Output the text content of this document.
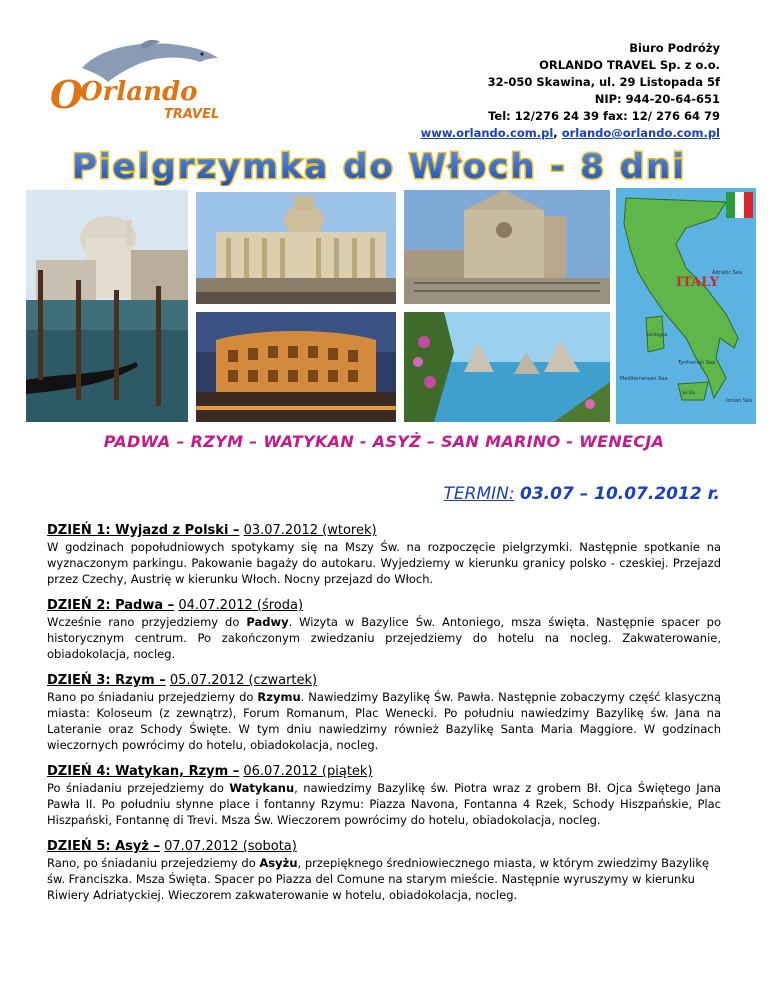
O
Orlando
TRAVEL
Biuro Podróży
ORLANDO TRAVEL Sp. z o.o.
32-050 Skawina, ul. 29 Listopada 5f
NIP: 944-20-64-651
Tel: 12/276 24 39 fax: 12/ 276 64 79
www.orlando.com.pl, orlando@orlando.com.pl
Pielgrzymka do Włoch - 8 dni
ITALY
Tyrrhenian Sea
Mediterranean Sea
Adriatic Sea
Ionian Sea
Sardegna
Sicilia
PADWA – RZYM – WATYKAN - ASYŻ – SAN MARINO - WENECJA
TERMIN: 03.07 – 10.07.2012 r.
DZIEŃ 1: Wyjazd z Polski – 03.07.2012 (wtorek)
W godzinach popołudniowych spotykamy się na Mszy Św. na rozpoczęcie pielgrzymki. Następnie spotkanie na wyznaczonym parkingu. Pakowanie bagaży do autokaru. Wyjedziemy w kierunku granicy polsko - czeskiej. Przejazd przez Czechy, Austrię w kierunku Włoch. Nocny przejazd do Włoch.
DZIEŃ 2: Padwa – 04.07.2012 (środa)
Wcześnie rano przyjedziemy do Padwy. Wizyta w Bazylice Św. Antoniego, msza święta. Następnie spacer po historycznym centrum. Po zakończonym zwiedzaniu przejedziemy do hotelu na nocleg. Zakwaterowanie, obiadokolacja, nocleg.
DZIEŃ 3: Rzym – 05.07.2012 (czwartek)
Rano po śniadaniu przejedziemy do Rzymu. Nawiedzimy Bazylikę Św. Pawła. Następnie zobaczymy część klasyczną miasta: Koloseum (z zewnątrz), Forum Romanum, Plac Wenecki. Po południu nawiedzimy Bazylikę św. Jana na Lateranie oraz Schody Święte. W tym dniu nawiedzimy również Bazylikę Santa Maria Maggiore. W godzinach wieczornych powrócimy do hotelu, obiadokolacja, nocleg.
DZIEŃ 4: Watykan, Rzym – 06.07.2012 (piątek)
Po śniadaniu przejedziemy do Watykanu, nawiedzimy Bazylikę św. Piotra wraz z grobem Bł. Ojca Świętego Jana Pawła II. Po południu słynne place i fontanny Rzymu: Piazza Navona, Fontanna 4 Rzek, Schody Hiszpańskie, Plac Hiszpański, Fontannę di Trevi. Msza Św. Wieczorem powrócimy do hotelu, obiadokolacja, nocleg.
DZIEŃ 5: Asyż – 07.07.2012 (sobota)
Rano, po śniadaniu przejedziemy do Asyżu, przepięknego średniowiecznego miasta, w którym zwiedzimy Bazylikę św. Franciszka. Msza Święta. Spacer po Piazza del Comune na starym mieście. Następnie wyruszymy w kierunku Riwiery Adriatyckiej. Wieczorem zakwaterowanie w hotelu, obiadokolacja, nocleg.
